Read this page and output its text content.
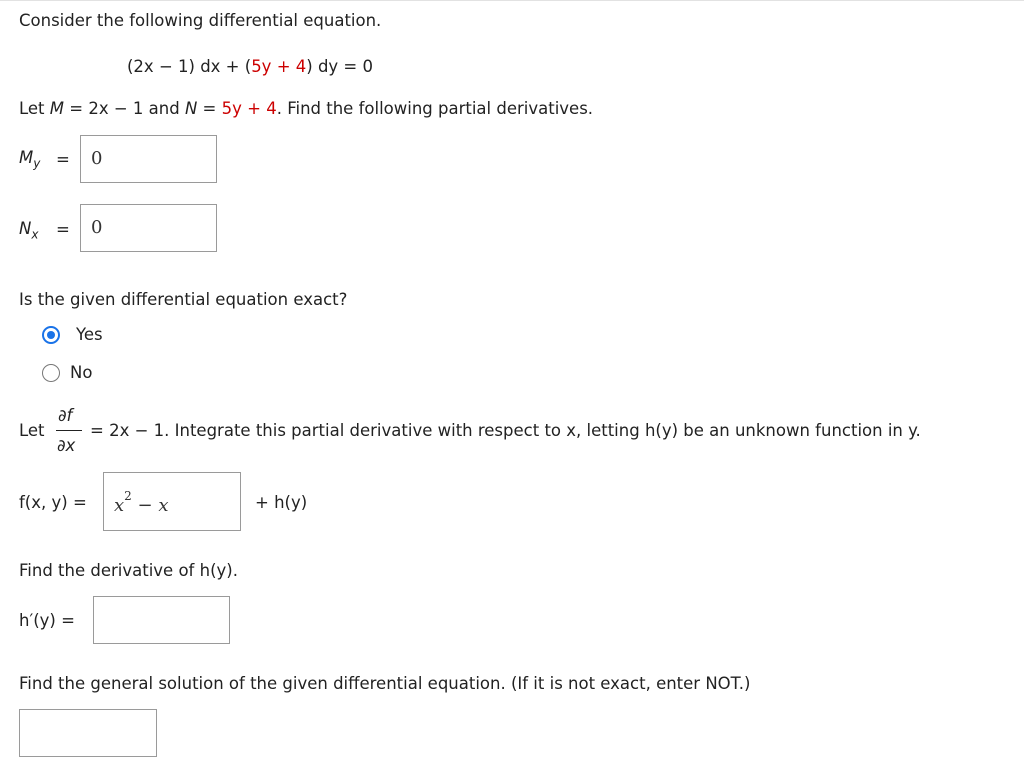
Consider the following differential equation.
(2x − 1) dx + (5y + 4) dy = 0
Let M = 2x − 1 and N = 5y + 4. Find the following partial derivatives.
$M_y = 0$
$N_x = 0$
Is the given differential equation exact?
Yes
No
Let
∂f
∂x
= 2x − 1. Integrate this partial derivative with respect to x, letting h(y) be an unknown function in y.
f(x, $y) = x^2 - x$	+ h(y)
Find the derivative of h(y).
h′(y) =
Find the general solution of the given differential equation. (If it is not exact, enter NOT.)
